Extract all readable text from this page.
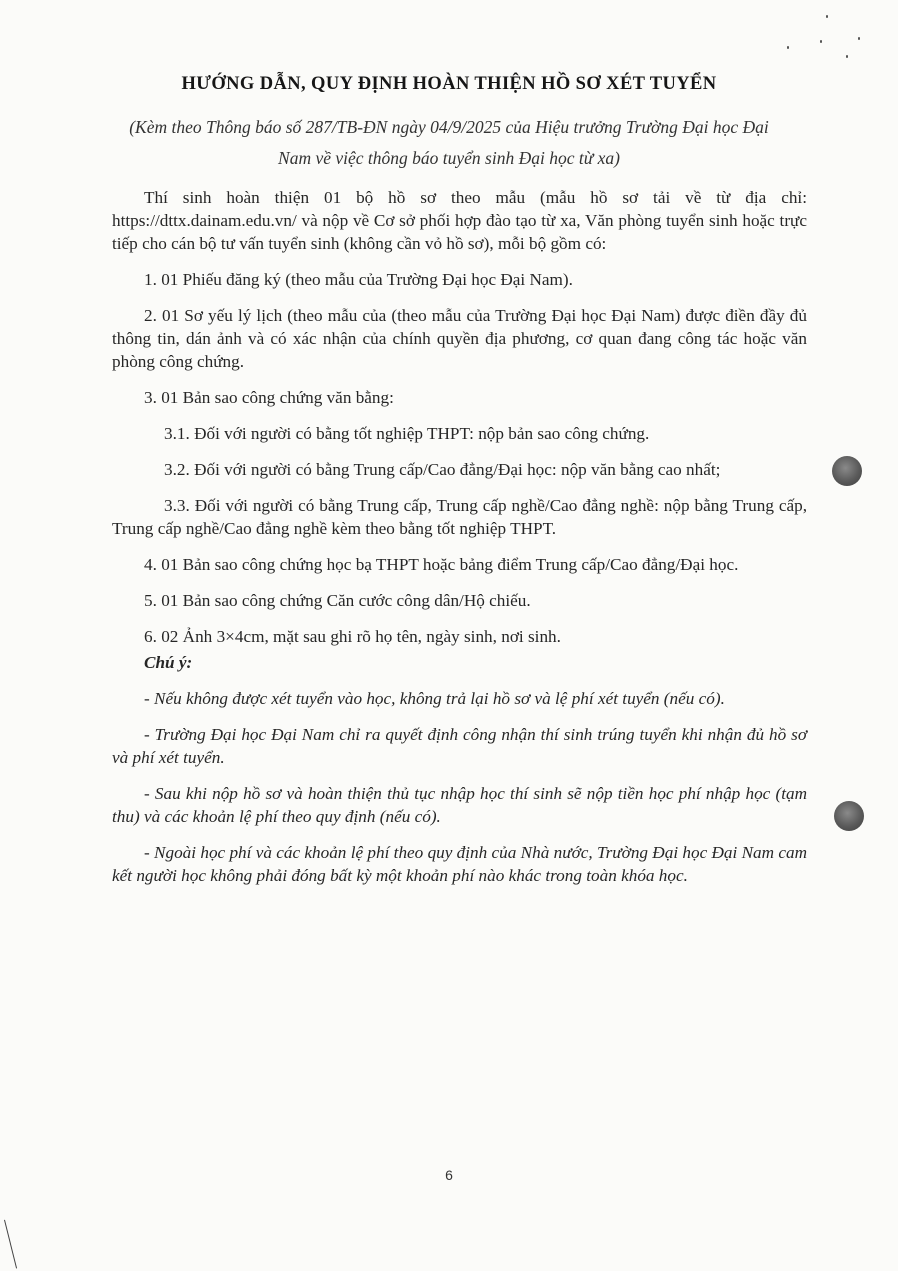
HƯỚNG DẪN, QUY ĐỊNH HOÀN THIỆN HỒ SƠ XÉT TUYỂN
(Kèm theo Thông báo số 287/TB-ĐN ngày 04/9/2025 của Hiệu trưởng Trường Đại học Đại
Nam về việc thông báo tuyển sinh Đại học từ xa)

Thí sinh hoàn thiện 01 bộ hồ sơ theo mẫu (mẫu hồ sơ tải về từ địa chỉ: https://dttx.dainam.edu.vn/ và nộp về Cơ sở phối hợp đào tạo từ xa, Văn phòng tuyển sinh hoặc trực tiếp cho cán bộ tư vấn tuyển sinh (không cần vỏ hồ sơ), mỗi bộ gồm có:

1. 01 Phiếu đăng ký (theo mẫu của Trường Đại học Đại Nam).

2. 01 Sơ yếu lý lịch (theo mẫu của (theo mẫu của Trường Đại học Đại Nam) được điền đầy đủ thông tin, dán ảnh và có xác nhận của chính quyền địa phương, cơ quan đang công tác hoặc văn phòng công chứng.

3. 01 Bản sao công chứng văn bằng:

3.1. Đối với người có bằng tốt nghiệp THPT: nộp bản sao công chứng.

3.2. Đối với người có bằng Trung cấp/Cao đẳng/Đại học: nộp văn bằng cao nhất;

3.3. Đối với người có bằng Trung cấp, Trung cấp nghề/Cao đẳng nghề: nộp bằng Trung cấp, Trung cấp nghề/Cao đẳng nghề kèm theo bằng tốt nghiệp THPT.

4. 01 Bản sao công chứng học bạ THPT hoặc bảng điểm Trung cấp/Cao đẳng/Đại học.

5. 01 Bản sao công chứng Căn cước công dân/Hộ chiếu.

6. 02 Ảnh 3×4cm, mặt sau ghi rõ họ tên, ngày sinh, nơi sinh.

Chú ý:

- Nếu không được xét tuyển vào học, không trả lại hồ sơ và lệ phí xét tuyển (nếu có).

- Trường Đại học Đại Nam chỉ ra quyết định công nhận thí sinh trúng tuyển khi nhận đủ hồ sơ và phí xét tuyển.

- Sau khi nộp hồ sơ và hoàn thiện thủ tục nhập học thí sinh sẽ nộp tiền học phí nhập học (tạm thu) và các khoản lệ phí theo quy định (nếu có).

- Ngoài học phí và các khoản lệ phí theo quy định của Nhà nước, Trường Đại học Đại Nam cam kết người học không phải đóng bất kỳ một khoản phí nào khác trong toàn khóa học.

6
